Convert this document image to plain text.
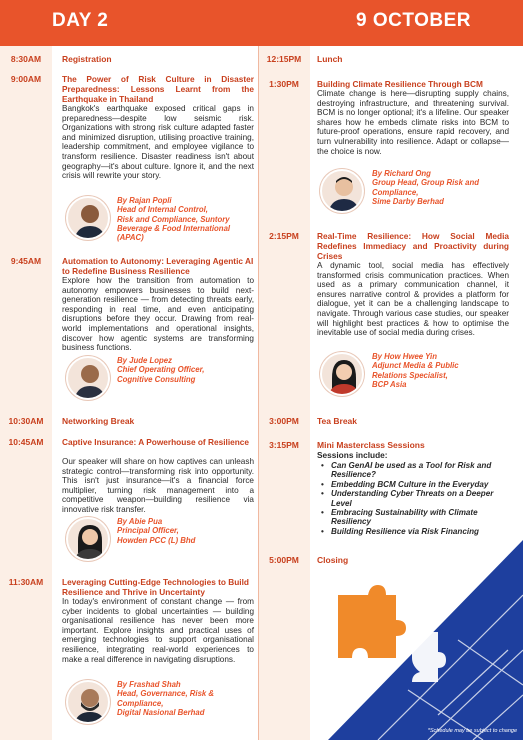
DAY 2	9 OCTOBER
8:30AM	Registration
9:00AM	The Power of Risk Culture in Disaster Preparedness: Lessons Learnt from the Earthquake in Thailand
Bangkok's earthquake exposed critical gaps in preparedness—despite low seismic risk. Organizations with strong risk culture adapted faster and minimized disruption, utilising proactive training, leadership commitment, and employee vigilance to transform resilience. Disaster readiness isn't about geography—it's about culture. Ignore it, and the next crisis will rewrite your story.
By Rajan Popli
Head of Internal Control,
Risk and Compliance, Suntory
Beverage & Food International
(APAC)
9:45AM	Automation to Autonomy: Leveraging Agentic AI to Redefine Business Resilience
Explore how the transition from automation to autonomy empowers businesses to build next-generation resilience — from detecting threats early, responding in real time, and even anticipating disruptions before they occur. Drawing from real-world implementations and operational insights, discover how agentic systems are transforming business functions.
By Jude Lopez
Chief Operating Officer,
Cognitive Consulting
10:30AM	Networking Break
10:45AM	Captive Insurance: A Powerhouse of Resilience
Our speaker will share on how captives can unleash strategic control—transforming risk into opportunity. This isn't just insurance—it's a financial force multiplier, turning risk management into a competitive weapon—building resilience via innovative risk transfer.
By Abie Pua
Principal Officer,
Howden PCC (L) Bhd
11:30AM	Leveraging Cutting-Edge Technologies to Build Resilience and Thrive in Uncertainty
In today's environment of constant change — from cyber incidents to global uncertainties — building organisational resilience has never been more important. Explore insights and practical uses of emerging technologies to support organisational resilience, integrating real-world experiences to make a real difference in navigating disruptions.
By Frashad Shah
Head, Governance, Risk &
Compliance,
Digital Nasional Berhad
12:15PM	Lunch
1:30PM	Building Climate Resilience Through BCM
Climate change is here—disrupting supply chains, destroying infrastructure, and threatening survival. BCM is no longer optional; it's a lifeline. Our speaker shares how he embeds climate risks into BCM to future-proof operations, ensure rapid recovery, and turn vulnerability into resilience. Adapt or collapse—the choice is now.
By Richard Ong
Group Head, Group Risk and
Compliance,
Sime Darby Berhad
2:15PM	Real-Time Resilience: How Social Media Redefines Immediacy and Proactivity during Crises
A dynamic tool, social media has effectively transformed crisis communication practices. When used as a primary communication channel, it ensures narrative control & provides a platform for dialogue, yet it can be a challenging landscape to navigate. Through various case studies, our speaker will highlight best practices & how to optimise the inevitable use of social media during crises.
By How Hwee Yin
Adjunct Media & Public
Relations Specialist,
BCP Asia
3:00PM	Tea Break
3:15PM	Mini Masterclass Sessions
Sessions include:
• Can GenAI be used as a Tool for Risk and Resilience?
• Embedding BCM Culture in the Everyday
• Understanding Cyber Threats on a Deeper Level
• Embracing Sustainability with Climate Resiliency
• Building Resilience via Risk Financing
5:00PM	Closing
*Schedule may be subject to change
